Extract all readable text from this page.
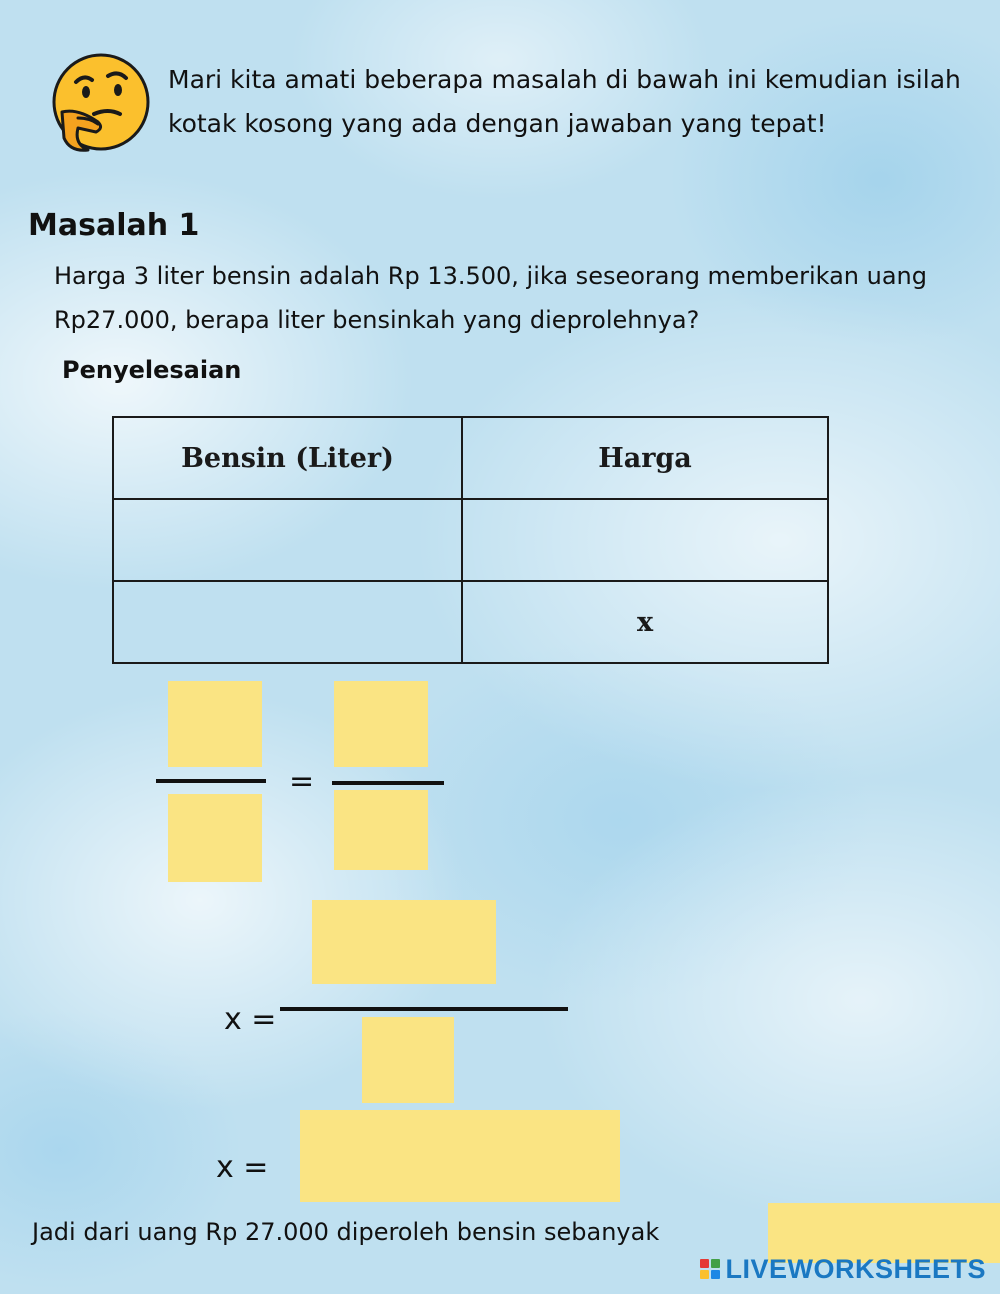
Mari kita amati beberapa masalah di bawah ini kemudian isilah kotak kosong yang ada dengan jawaban yang tepat!
Masalah 1
Harga 3 liter bensin adalah Rp 13.500, jika seseorang memberikan uang Rp27.000, berapa liter bensinkah yang dieprolehnya?
Penyelesaian
Bensin (Liter)	Harga

	x
=
x =
x =
Jadi dari uang Rp 27.000 diperoleh bensin sebanyak
LIVEWORKSHEETS
